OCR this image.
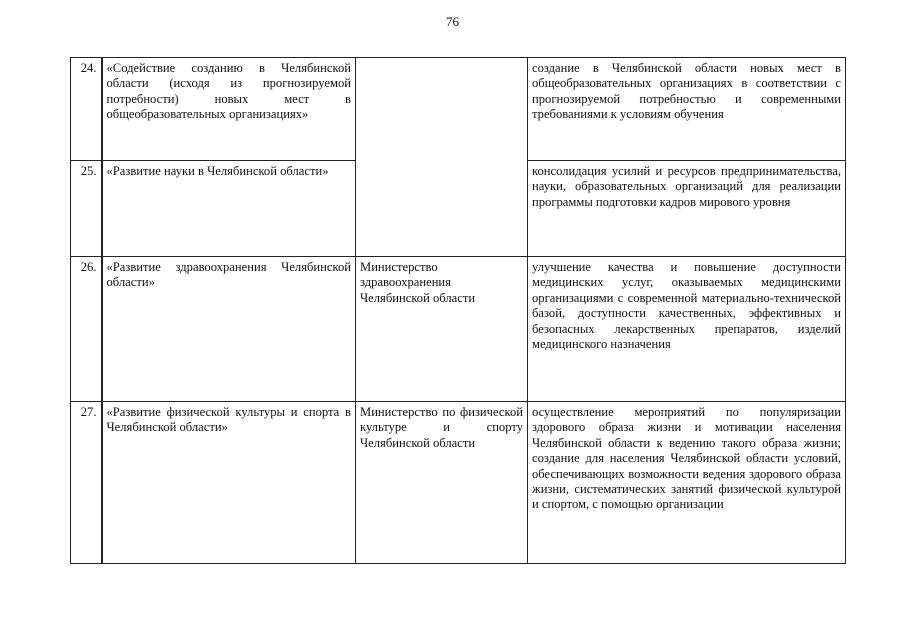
76
24.	«Содействие созданию в Челябинской области (исходя из прогнозируемой потребности) новых мест в общеобразовательных организациях»		создание в Челябинской области новых мест в общеобразовательных организациях в соответствии с прогнозируемой потребностью и современными требованиями к условиям обучения
25.	«Развитие науки в Челябинской области»		консолидация усилий и ресурсов предпринимательства, науки, образовательных организаций для реализации программы подготовки кадров мирового уровня
26.	«Развитие здравоохранения Челябинской области»	Министерство здравоохранения Челябинской области	улучшение качества и повышение доступности медицинских услуг, оказываемых медицинскими организациями с современной материально-технической базой, доступности качественных, эффективных и безопасных лекарственных препаратов, изделий медицинского назначения
27.	«Развитие физической культуры и спорта в Челябинской области»	Министерство по физической культуре и спорту Челябинской области	осуществление мероприятий по популяризации здорового образа жизни и мотивации населения Челябинской области к ведению такого образа жизни; создание для населения Челябинской области условий, обеспечивающих возможности ведения здорового образа жизни, систематических занятий физической культурой и спортом, с помощью организации
